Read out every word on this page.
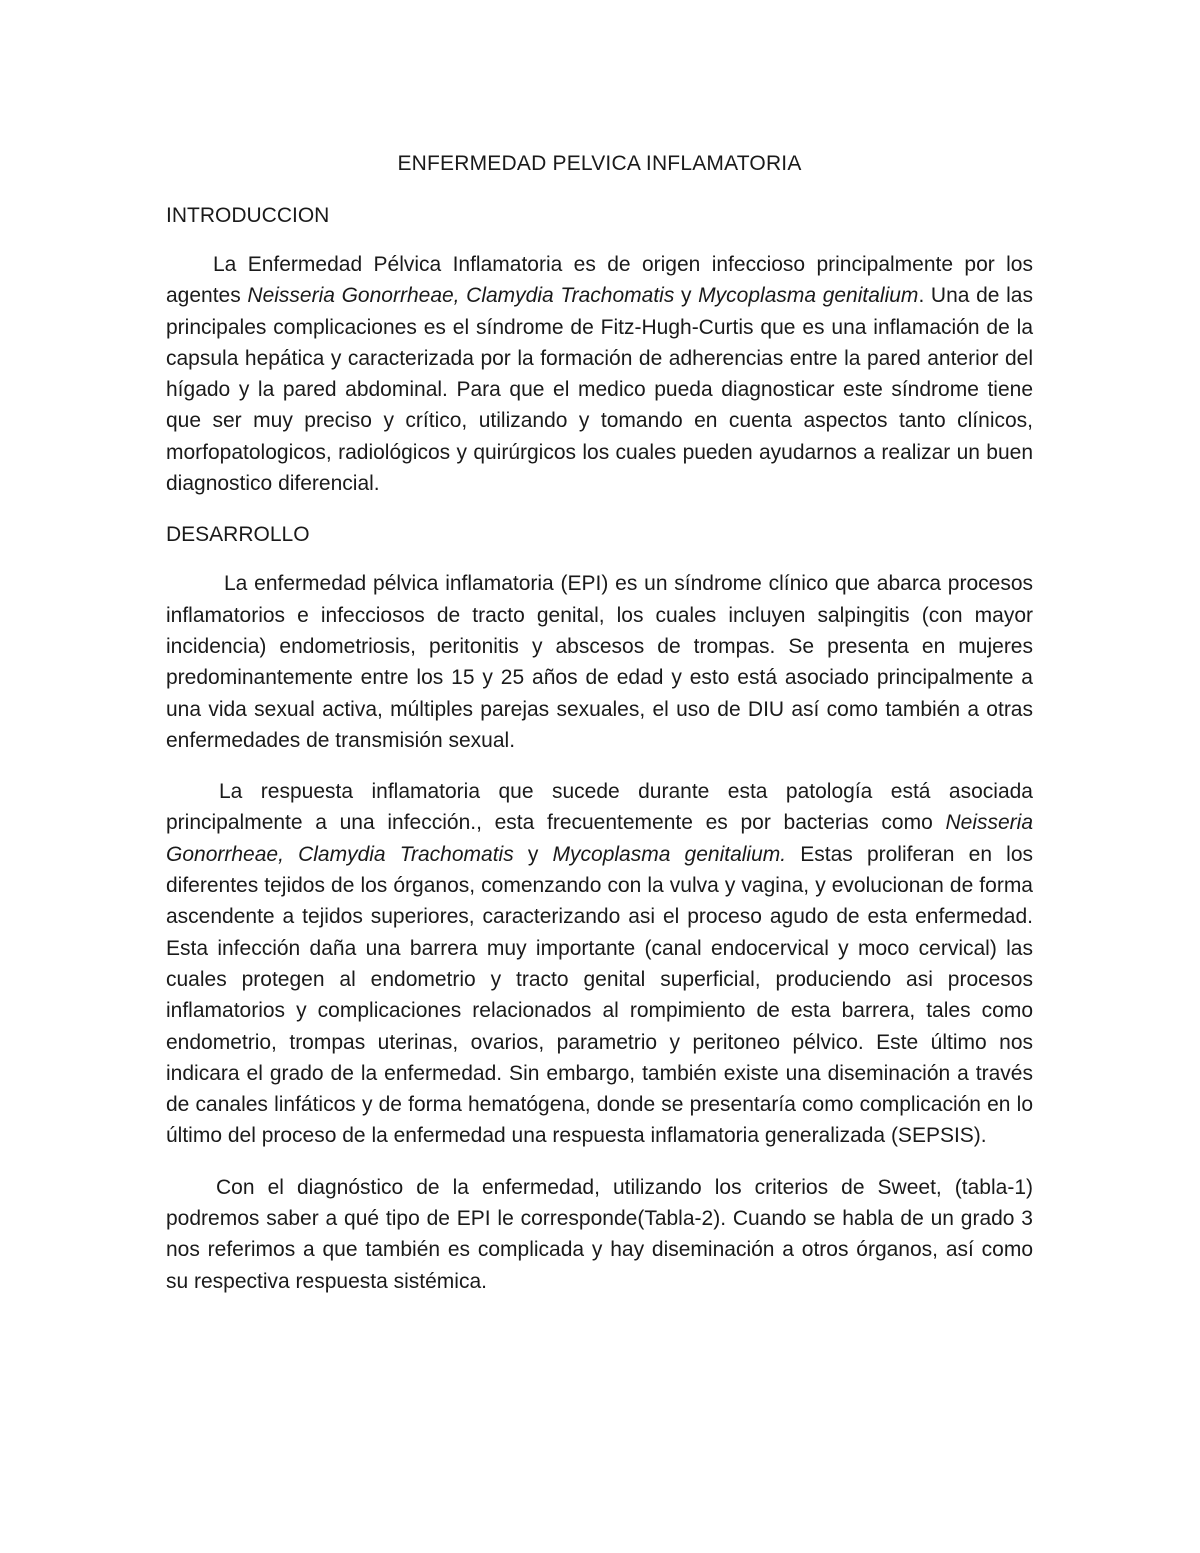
ENFERMEDAD PELVICA INFLAMATORIA
INTRODUCCION

La Enfermedad Pélvica Inflamatoria es de origen infeccioso principalmente por los agentes Neisseria Gonorrheae, Clamydia Trachomatis y Mycoplasma genitalium. Una de las principales complicaciones es el síndrome de Fitz-Hugh-Curtis que es una inflamación de la capsula hepática y caracterizada por la formación de adherencias entre la pared anterior del hígado y la pared abdominal. Para que el medico pueda diagnosticar este síndrome tiene que ser muy preciso y crítico, utilizando y tomando en cuenta aspectos tanto clínicos, morfopatologicos, radiológicos y quirúrgicos los cuales pueden ayudarnos a realizar un buen diagnostico diferencial.

DESARROLLO

La enfermedad pélvica inflamatoria (EPI) es un síndrome clínico que abarca procesos inflamatorios e infecciosos de tracto genital, los cuales incluyen salpingitis (con mayor incidencia) endometriosis, peritonitis y abscesos de trompas. Se presenta en mujeres predominantemente entre los 15 y 25 años de edad y esto está asociado principalmente a una vida sexual activa, múltiples parejas sexuales, el uso de DIU así como también a otras enfermedades de transmisión sexual.

La respuesta inflamatoria que sucede durante esta patología está asociada principalmente a una infección., esta frecuentemente es por bacterias como Neisseria Gonorrheae, Clamydia Trachomatis y Mycoplasma genitalium. Estas proliferan en los diferentes tejidos de los órganos, comenzando con la vulva y vagina, y evolucionan de forma ascendente a tejidos superiores, caracterizando asi el proceso agudo de esta enfermedad. Esta infección daña una barrera muy importante (canal endocervical y moco cervical) las cuales protegen al endometrio y tracto genital superficial, produciendo asi procesos inflamatorios y complicaciones relacionados al rompimiento de esta barrera, tales como endometrio, trompas uterinas, ovarios, parametrio y peritoneo pélvico. Este último nos indicara el grado de la enfermedad. Sin embargo, también existe una diseminación a través de canales linfáticos y de forma hematógena, donde se presentaría como complicación en lo último del proceso de la enfermedad una respuesta inflamatoria generalizada (SEPSIS).

Con el diagnóstico de la enfermedad, utilizando los criterios de Sweet, (tabla-1) podremos saber a qué tipo de EPI le corresponde(Tabla-2). Cuando se habla de un grado 3 nos referimos a que también es complicada y hay diseminación a otros órganos, así como su respectiva respuesta sistémica.
